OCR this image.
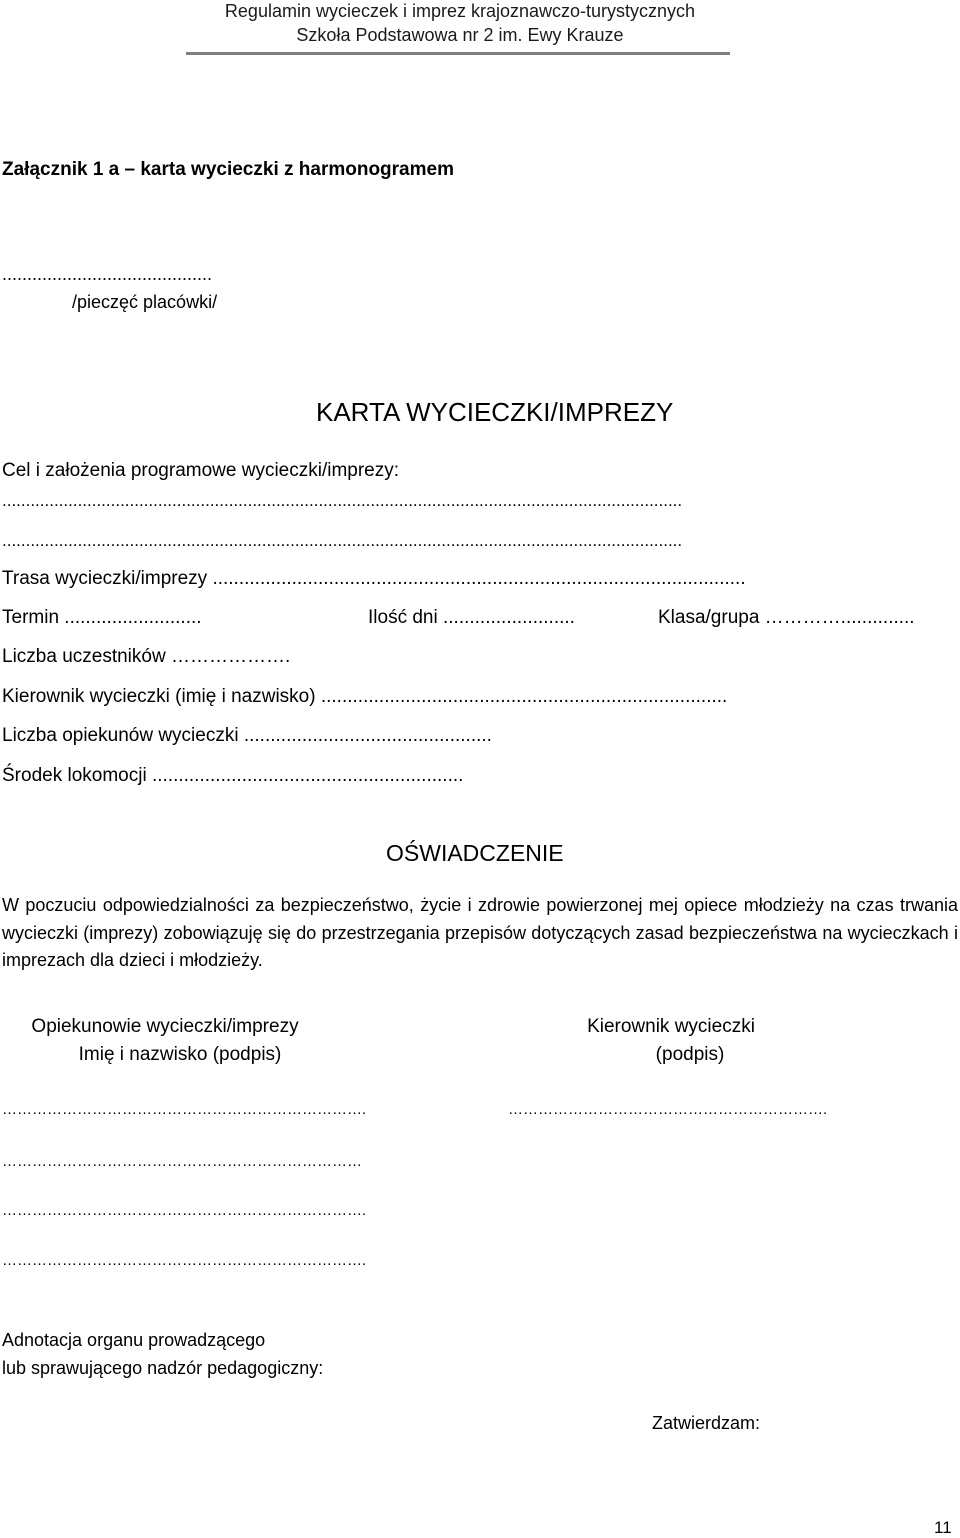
Regulamin wycieczek i imprez krajoznawczo-turystycznych
Szkoła Podstawowa nr 2 im. Ewy Krauze
Załącznik 1 a – karta wycieczki z harmonogramem
..........................................
/pieczęć placówki/
KARTA WYCIECZKI/IMPREZY
Cel i założenia programowe wycieczki/imprezy:
................................................................................................................................................
................................................................................................................................................
Trasa wycieczki/imprezy .....................................................................................................
Termin ..........................	Ilość dni .........................	Klasa/grupa …………..............
Liczba uczestników ……………….
Kierownik wycieczki (imię i nazwisko) .............................................................................
Liczba opiekunów wycieczki ...............................................
Środek lokomocji ...........................................................
OŚWIADCZENIE
W poczuciu odpowiedzialności za bezpieczeństwo, życie i zdrowie powierzonej mej opiece młodzieży na czas trwania wycieczki (imprezy) zobowiązuję się do przestrzegania przepisów dotyczących zasad bezpieczeństwa na wycieczkach i imprezach dla dzieci i młodzieży.
Opiekunowie wycieczki/imprezy
Imię i nazwisko (podpis)
Kierownik wycieczki
(podpis)
……………………………………………………………….	……………………………………………………….
………………………………………………………………
……………………………………………………………….
……………………………………………………………….
Adnotacja organu prowadzącego
lub sprawującego nadzór pedagogiczny:
Zatwierdzam:
11
